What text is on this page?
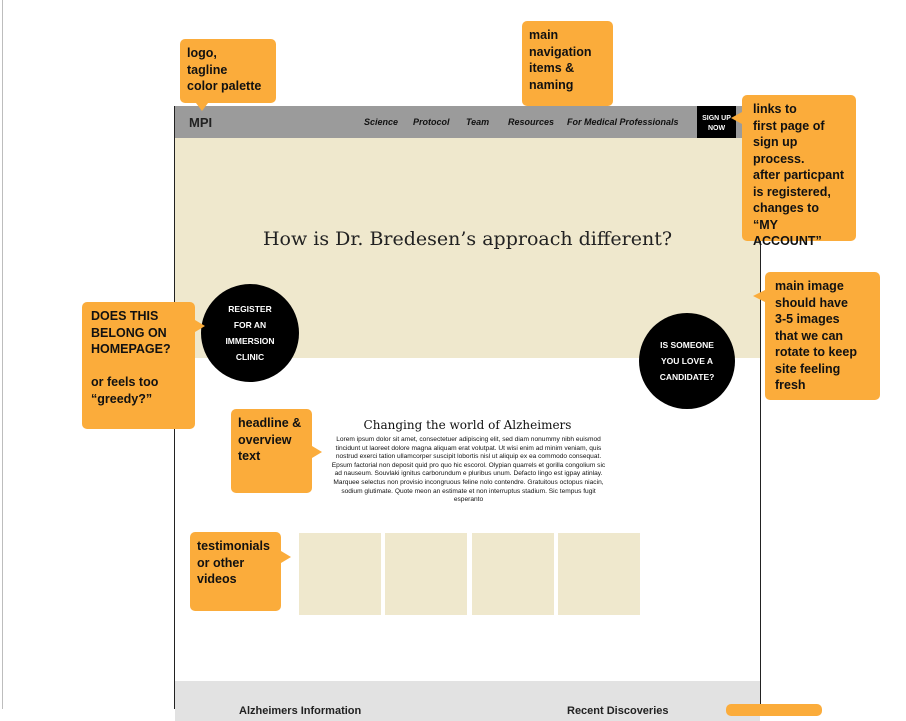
MPI	Science Protocol Team Resources For Medical Professionals	SIGN UP NOW
How is Dr. Bredesen’s approach different?
REGISTER FOR AN IMMERSION CLINIC
IS SOMEONE YOU LOVE A CANDIDATE?
Changing the world of Alzheimers
Lorem ipsum dolor sit amet, consectetuer adipiscing elit, sed diam nonummy nibh euismod tincidunt ut laoreet dolore magna aliquam erat volutpat. Ut wisi enim ad minim veniam, quis nostrud exerci tation ullamcorper suscipit lobortis nisl ut aliquip ex ea commodo consequat. Epsum factorial non deposit quid pro quo hic escorol. Olypian quarrels et gorilla congolium sic ad nauseum. Souvlaki ignitus carborundum e pluribus unum. Defacto lingo est igpay atinlay. Marquee selectus non provisio incongruous feline nolo contendre. Gratuitous octopus niacin, sodium glutimate. Quote meon an estimate et non interruptus stadium. Sic tempus fugit esperanto
Alzheimers Information	Recent Discoveries
logo,
tagline
color palette
main
navigation
items &
naming
links to
first page of
sign up process.
after particpant
is registered,
changes to
“MY ACCOUNT”
main image
should have
3-5 images
that we can
rotate to keep
site feeling
fresh
DOES THIS
BELONG ON
HOMEPAGE?

or feels too
“greedy?”
headline &
overview
text
testimonials
or other
videos
